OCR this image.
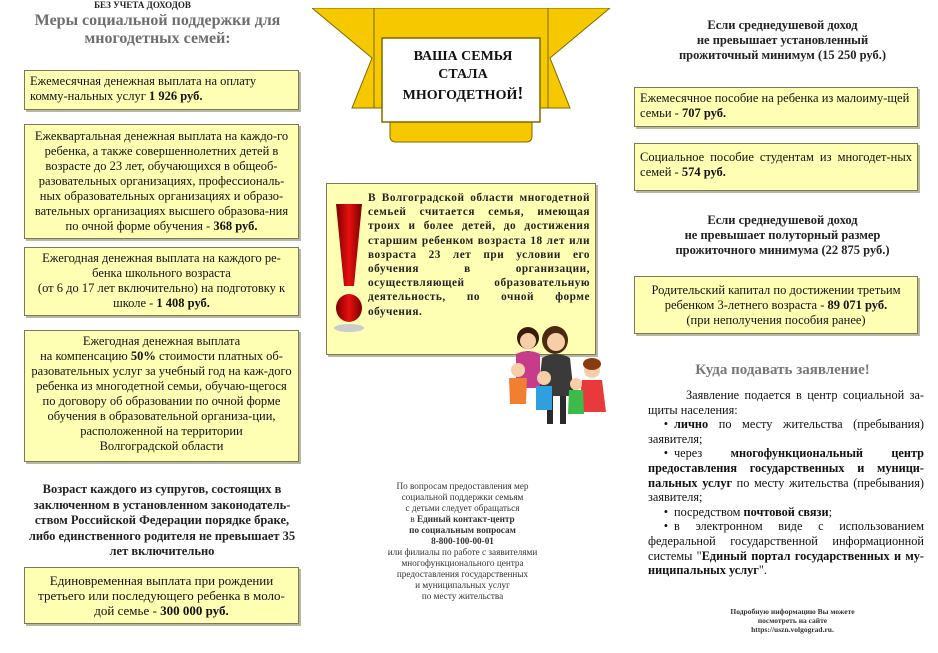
Меры социальной поддержки для многодетных семей:
БЕЗ УЧЕТА ДОХОДОВ
Ежемесячная денежная выплата на оплату комму-нальных услуг 1 926 руб.
Ежеквартальная денежная выплата на каждо-го ребенка, а также совершеннолетних детей в возрасте до 23 лет, обучающихся в общеоб-разовательных организациях, профессиональ-ных образовательных организациях и образо-вательных организациях высшего образова-ния по очной форме обучения - 368 руб.
Ежегодная денежная выплата на каждого ре-бенка школьного возраста
(от 6 до 17 лет включительно) на подготовку к школе - 1 408 руб.
Ежегодная денежная выплата
на компенсацию 50% стоимости платных об-разовательных услуг за учебный год на каж-дого ребенка из многодетной семьи, обучаю-щегося по договору об образовании по очной форме обучения в образовательной организа-ции, расположенной на территории
Волгоградской области
Возраст каждого из супругов, состоящих в заключенном в установленном законодатель-ством Российской Федерации порядке браке, либо единственного родителя не превышает 35 лет включительно
Единовременная выплата при рождении третьего или последующего ребенка в моло-дой семье - 300 000 руб.
ВАША СЕМЬЯ
СТАЛА
МНОГОДЕТНОЙ!
В Волгоградской области многодетной семьей считается семья, имеющая троих и более детей, до достижения старшим ребенком возраста 18 лет или возраста 23 лет при условии его обучения в организации, осуществляющей образовательную деятельность, по очной форме обучения.
По вопросам предоставления мер
социальной поддержки семьям
с детьми следует обращаться
в Единый контакт-центр
по социальным вопросам
8-800-100-00-01
или филиалы по работе с заявителями
многофункционального центра
предоставления государственных
и муниципальных услуг
по месту жительства
Если среднедушевой доход
не превышает установленный
прожиточный минимум (15 250 руб.)
Ежемесячное пособие на ребенка из малоиму-щей семьи - 707 руб.
Социальное пособие студентам из многодет-ных семей - 574 руб.
Если среднедушевой доход
не превышает полуторный размер
прожиточного минимума (22 875 руб.)
Родительский капитал по достижении третьим
ребенком 3-летнего возраста - 89 071 руб.
(при неполучения пособия ранее)
Куда подавать заявление!
Заявление подается в центр социальной за-щиты населения:
• лично по месту жительства (пребывания) заявителя;
• через многофункциональный центр предоставления государственных и муници-пальных услуг по месту жительства (пребывания) заявителя;
• посредством почтовой связи;
• в электронном виде с использованием федеральной государственной информационной системы "Единый портал государственных и му-ниципальных услуг".
Подробную информацию Вы можете
посмотреть на сайте
https://uszn.volgograd.ru.
